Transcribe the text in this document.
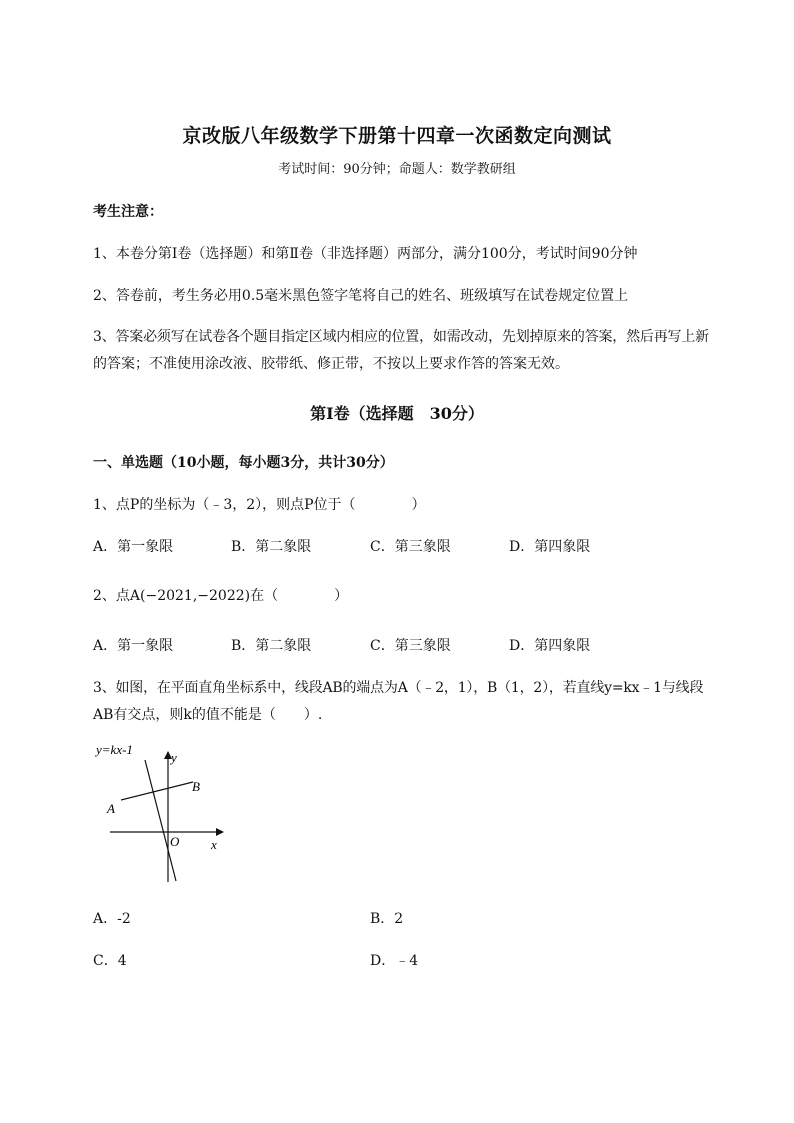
京改版八年级数学下册第十四章一次函数定向测试
考试时间：90分钟；命题人：数学教研组
考生注意：
1、本卷分第I卷（选择题）和第Ⅱ卷（非选择题）两部分，满分100分，考试时间90分钟
2、答卷前，考生务必用0.5毫米黑色签字笔将自己的姓名、班级填写在试卷规定位置上
3、答案必须写在试卷各个题目指定区域内相应的位置，如需改动，先划掉原来的答案，然后再写上新
的答案；不准使用涂改液、胶带纸、修正带，不按以上要求作答的答案无效。
第I卷（选择题　30分）
一、单选题（10小题，每小题3分，共计30分）
1、点P的坐标为（﹣3，2），则点P位于（　　　　）
A．第一象限	B．第二象限	C．第三象限	D．第四象限
2、点A(−2021,−2022)在（　　　　）
A．第一象限	B．第二象限	C．第三象限	D．第四象限
3、如图，在平面直角坐标系中，线段AB的端点为A（﹣2，1），B（1，2），若直线y=kx﹣1与线段
AB有交点，则k的值不能是（　　）.
y=kx-1
y
x
A
B
O
A．-2	B．2
C．4	D．﹣4
